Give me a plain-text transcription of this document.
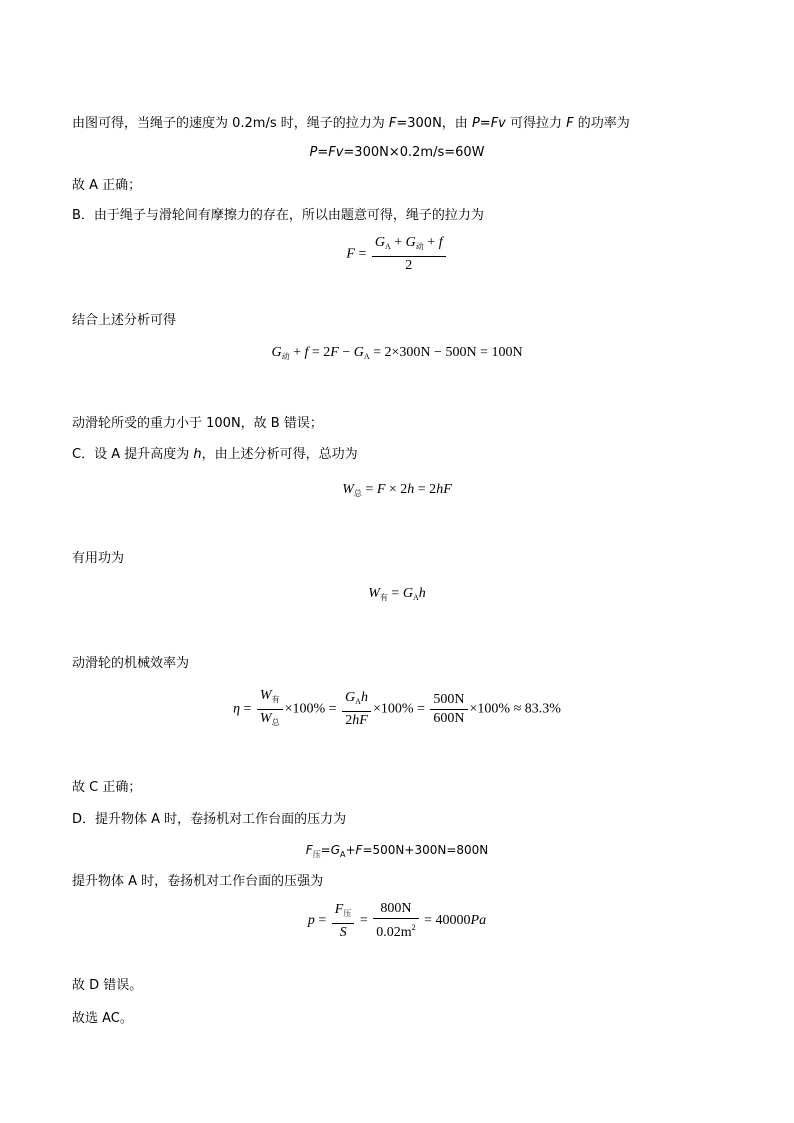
由图可得，当绳子的速度为 0.2m/s 时，绳子的拉力为 F=300N，由 P=Fv 可得拉力 F 的功率为
P=Fv=300N×0.2m/s=60W
故 A 正确；
B．由于绳子与滑轮间有摩擦力的存在，所以由题意可得，绳子的拉力为
$F = \frac{G_A + G_动 + f}{2}$
结合上述分析可得
$G_动 + f = 2F - G_A = 2\times 300N - 500N = 100N$
动滑轮所受的重力小于 100N，故 B 错误；
C．设 A 提升高度为 h，由上述分析可得，总功为
$W_总 = F \times 2h = 2hF$
有用功为
$W_有 = G_Ah$
动滑轮的机械效率为
$\eta = \frac{W_有}{W_总} \times 100\% = \frac{G_Ah}{2hF} \times 100\% = \frac{500N}{600N} \times 100\% \approx 83.3\%$
故 C 正确；
D．提升物体 A 时，卷扬机对工作台面的压力为
$F_压=G_A+F=500N+300N=800N$
提升物体 A 时，卷扬机对工作台面的压强为
$p = \frac{F_压}{S} = \frac{800N}{0.02m^2} = 40000Pa$
故 D 错误。
故选 AC。
